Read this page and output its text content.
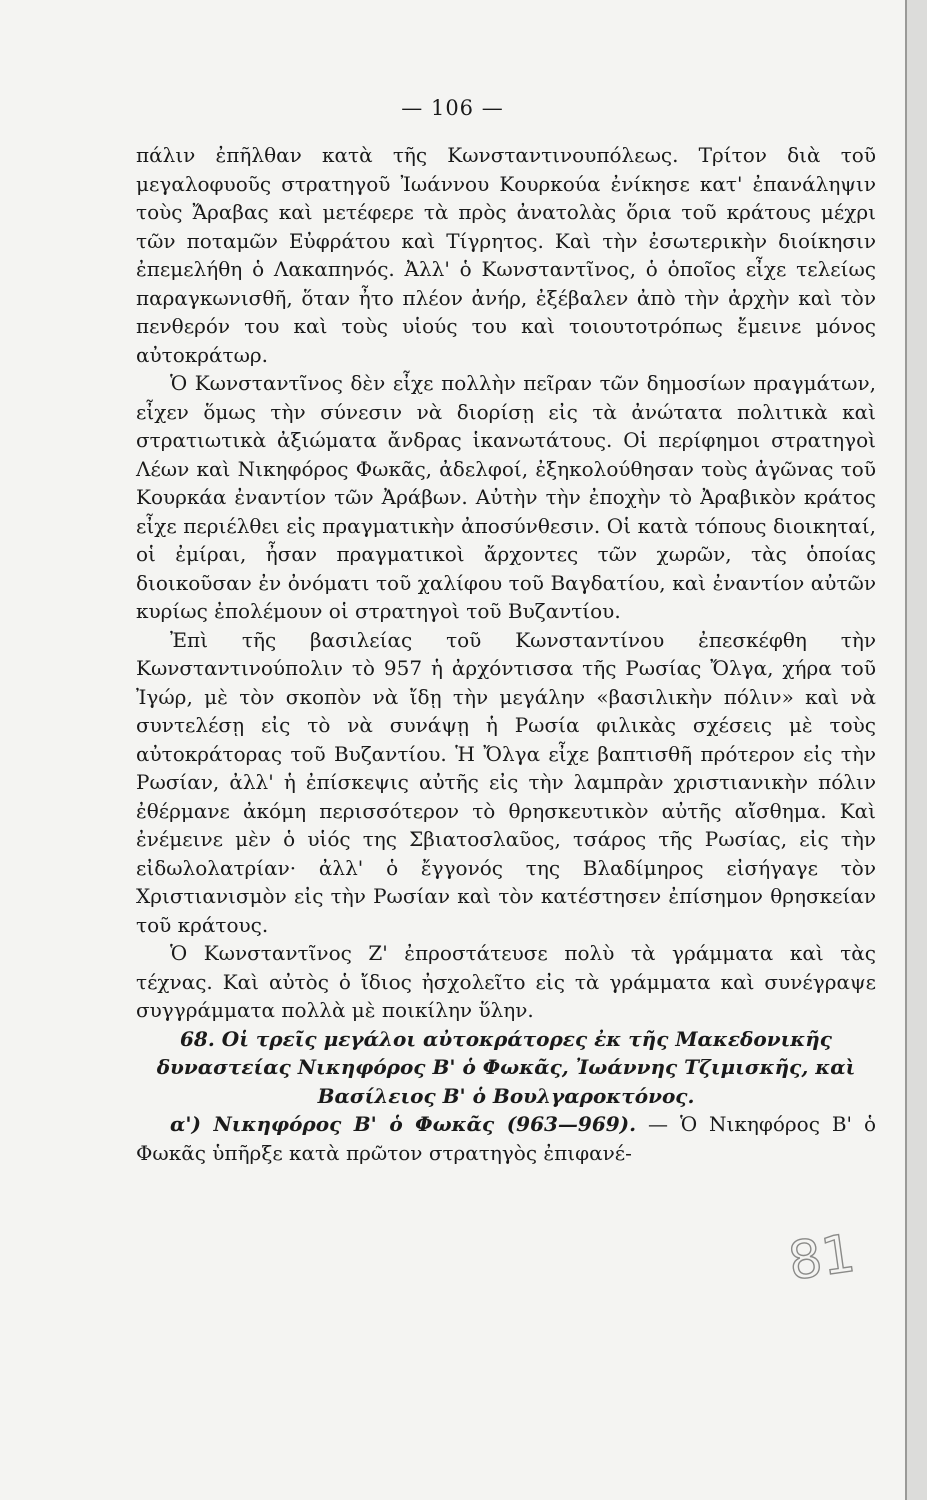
— 106 —

πάλιν ἐπῆλθαν κατὰ τῆς Κωνσταντινουπόλεως. Τρίτον διὰ τοῦ μεγαλοφυοῦς στρατηγοῦ Ἰωάννου Κουρκούα ἐνίκησε κατ' ἐπανάληψιν τοὺς Ἄραβας καὶ μετέφερε τὰ πρὸς ἀνατολὰς ὅρια τοῦ κράτους μέχρι τῶν ποταμῶν Εὐφράτου καὶ Τίγρητος. Καὶ τὴν ἐσωτερικὴν διοίκησιν ἐπεμελήθη ὁ Λακαπηνός. Ἀλλ' ὁ Κωνσταντῖνος, ὁ ὁποῖος εἶχε τελείως παραγκωνισθῆ, ὅταν ἦτο πλέον ἀνήρ, ἐξέβαλεν ἀπὸ τὴν ἀρχὴν καὶ τὸν πενθερόν του καὶ τοὺς υἱούς του καὶ τοιουτοτρόπως ἔμεινε μόνος αὐτοκράτωρ.

Ὁ Κωνσταντῖνος δὲν εἶχε πολλὴν πεῖραν τῶν δημοσίων πραγμάτων, εἶχεν ὅμως τὴν σύνεσιν νὰ διορίσῃ εἰς τὰ ἀνώτατα πολιτικὰ καὶ στρατιωτικὰ ἀξιώματα ἄνδρας ἱκανωτάτους. Οἱ περίφημοι στρατηγοὶ Λέων καὶ Νικηφόρος Φωκᾶς, ἀδελφοί, ἐξηκολούθησαν τοὺς ἀγῶνας τοῦ Κουρκάα ἐναντίον τῶν Ἀράβων. Αὐτὴν τὴν ἐποχὴν τὸ Ἀραβικὸν κράτος εἶχε περιέλθει εἰς πραγματικὴν ἀποσύνθεσιν. Οἱ κατὰ τόπους διοικηταί, οἱ ἐμίραι, ἦσαν πραγματικοὶ ἄρχοντες τῶν χωρῶν, τὰς ὁποίας διοικοῦσαν ἐν ὀνόματι τοῦ χαλίφου τοῦ Βαγδατίου, καὶ ἐναντίον αὐτῶν κυρίως ἐπολέμουν οἱ στρατηγοὶ τοῦ Βυζαντίου.

Ἐπὶ τῆς βασιλείας τοῦ Κωνσταντίνου ἐπεσκέφθη τὴν Κωνσταντινούπολιν τὸ 957 ἡ ἀρχόντισσα τῆς Ρωσίας Ὄλγα, χήρα τοῦ Ἰγώρ, μὲ τὸν σκοπὸν νὰ ἴδῃ τὴν μεγάλην «βασιλικὴν πόλιν» καὶ νὰ συντελέσῃ εἰς τὸ νὰ συνάψῃ ἡ Ρωσία φιλικὰς σχέσεις μὲ τοὺς αὐτοκράτορας τοῦ Βυζαντίου. Ἡ Ὄλγα εἶχε βαπτισθῆ πρότερον εἰς τὴν Ρωσίαν, ἀλλ' ἡ ἐπίσκεψις αὐτῆς εἰς τὴν λαμπρὰν χριστιανικὴν πόλιν ἐθέρμανε ἀκόμη περισσότερον τὸ θρησκευτικὸν αὐτῆς αἴσθημα. Καὶ ἐνέμεινε μὲν ὁ υἱός της Σβιατοσλαῦος, τσάρος τῆς Ρωσίας, εἰς τὴν εἰδωλολατρίαν· ἀλλ' ὁ ἔγγονός της Βλαδίμηρος εἰσήγαγε τὸν Χριστιανισμὸν εἰς τὴν Ρωσίαν καὶ τὸν κατέστησεν ἐπίσημον θρησκείαν τοῦ κράτους.

Ὁ Κωνσταντῖνος Ζ' ἐπροστάτευσε πολὺ τὰ γράμματα καὶ τὰς τέχνας. Καὶ αὐτὸς ὁ ἴδιος ἠσχολεῖτο εἰς τὰ γράμματα καὶ συνέγραψε συγγράμματα πολλὰ μὲ ποικίλην ὕλην.

68. Οἱ τρεῖς μεγάλοι αὐτοκράτορες ἐκ τῆς Μακεδονικῆς δυναστείας Νικηφόρος Β' ὁ Φωκᾶς, Ἰωάννης Τζιμισκῆς, καὶ Βασίλειος Β' ὁ Βουλγαροκτόνος.

α') Νικηφόρος Β' ὁ Φωκᾶς (963—969). — Ὁ Νικηφόρος Β' ὁ Φωκᾶς ὑπῆρξε κατὰ πρῶτον στρατηγὸς ἐπιφανέ-

81
